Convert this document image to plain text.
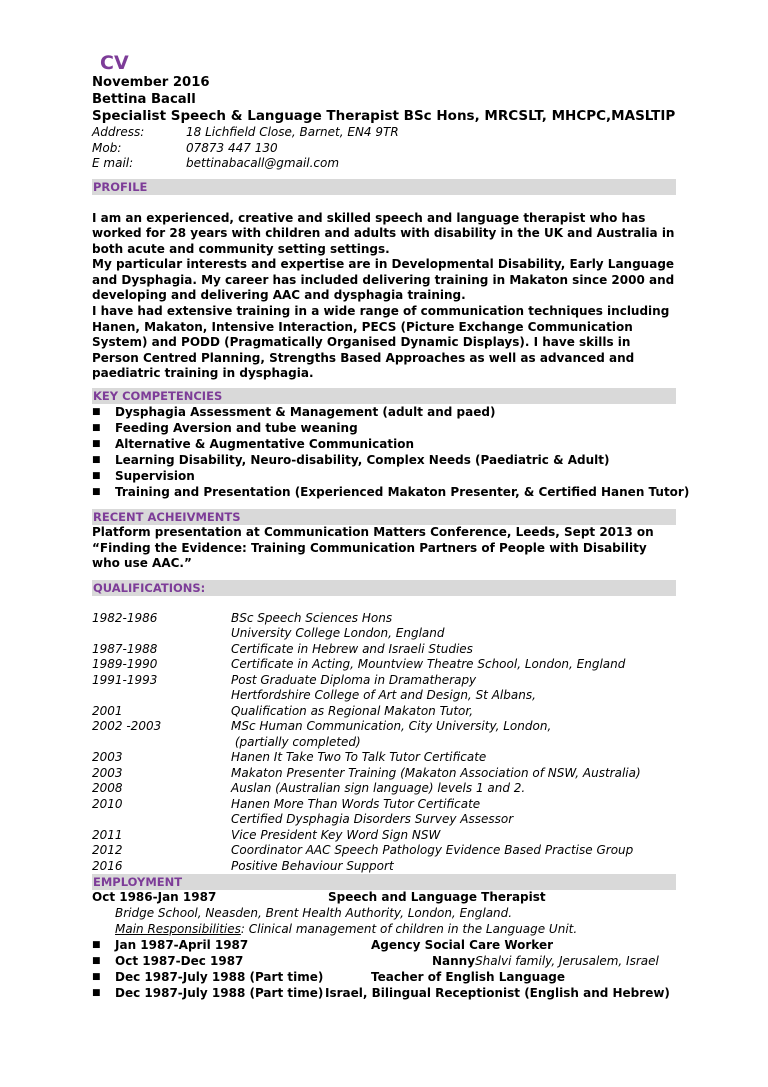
CV
November 2016
Bettina Bacall
Specialist Speech & Language Therapist BSc Hons, MRCSLT, MHCPC,MASLTIP
Address:	18 Lichfield Close, Barnet, EN4 9TR
Mob:	07873 447 130
E mail:	bettinabacall@gmail.com
PROFILE
I am an experienced, creative and skilled speech and language therapist who has worked for 28 years with children and adults with disability in the UK and Australia in both acute and community setting settings.
My particular interests and expertise are in Developmental Disability, Early Language and Dysphagia. My career has included delivering training in Makaton since 2000 and developing and delivering AAC and dysphagia training.
I have had extensive training in a wide range of communication techniques including Hanen, Makaton, Intensive Interaction, PECS (Picture Exchange Communication System) and PODD (Pragmatically Organised Dynamic Displays). I have skills in Person Centred Planning, Strengths Based Approaches as well as advanced and paediatric training in dysphagia.
KEY COMPETENCIES
■	Dysphagia Assessment & Management (adult and paed)
■	Feeding Aversion and tube weaning
■	Alternative & Augmentative Communication
■	Learning Disability, Neuro-disability, Complex Needs (Paediatric & Adult)
■	Supervision
■	Training and Presentation (Experienced Makaton Presenter, & Certified Hanen Tutor)
RECENT ACHEIVMENTS
Platform presentation at Communication Matters Conference, Leeds, Sept 2013 on “Finding the Evidence: Training Communication Partners of People with Disability who use AAC.”
QUALIFICATIONS:
1982-1986	BSc Speech Sciences Hons
University College London, England
1987-1988	Certificate in Hebrew and Israeli Studies
1989-1990	Certificate in Acting, Mountview Theatre School, London, England
1991-1993	Post Graduate Diploma in Dramatherapy
Hertfordshire College of Art and Design, St Albans,
2001	Qualification as Regional Makaton Tutor,
2002 -2003	MSc Human Communication, City University, London,
(partially completed)
2003	Hanen It Take Two To Talk Tutor Certificate
2003	Makaton Presenter Training (Makaton Association of NSW, Australia)
2008	Auslan (Australian sign language) levels 1 and 2.
2010	Hanen More Than Words Tutor Certificate
Certified Dysphagia Disorders Survey Assessor
2011	Vice President Key Word Sign NSW
2012	Coordinator AAC Speech Pathology Evidence Based Practise Group
2016	Positive Behaviour Support
EMPLOYMENT
Oct 1986-Jan 1987	Speech and Language Therapist
Bridge School, Neasden, Brent Health Authority, London, England.
Main Responsibilities : Clinical management of children in the Language Unit.
■	Jan 1987-April 1987	Agency Social Care Worker
■	Oct 1987-Dec 1987	Nanny Shalvi family, Jerusalem, Israel
■	Dec 1987-July 1988 (Part time)	Teacher of English Language
■	Dec 1987-July 1988 (Part time) Israel, Bilingual Receptionist (English and Hebrew)
